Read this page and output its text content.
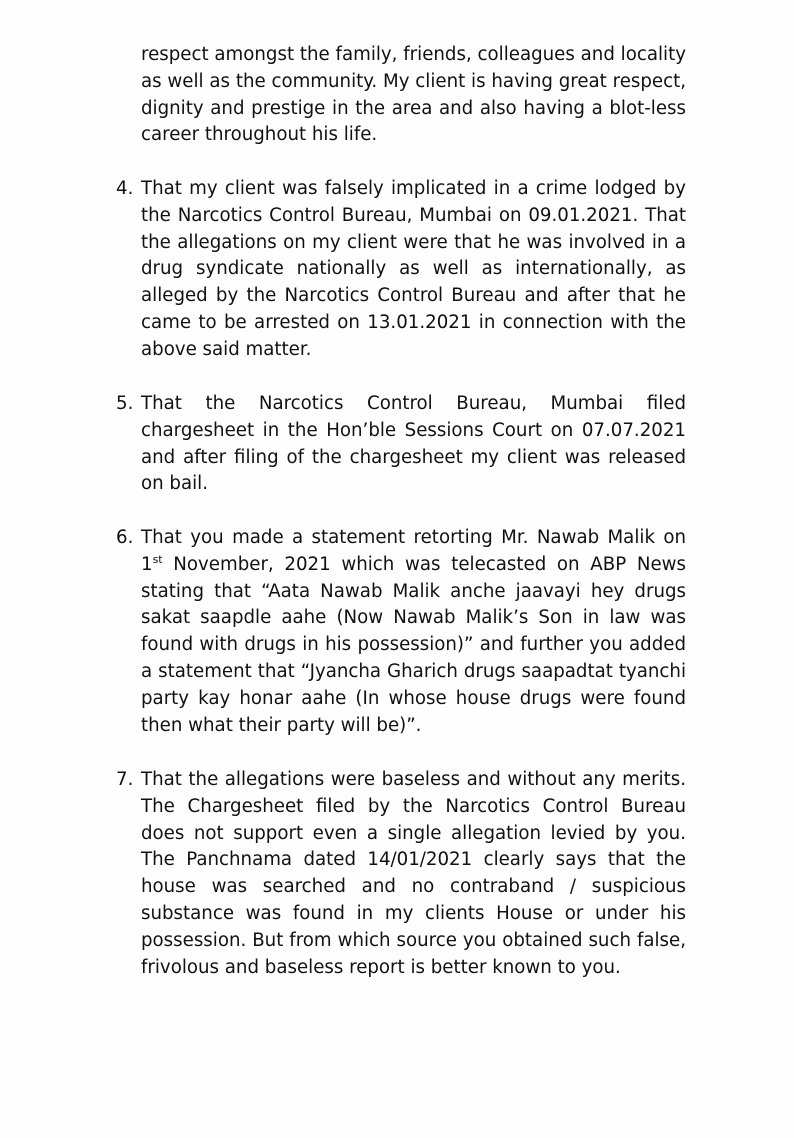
respect amongst the family, friends, colleagues and locality as well as the community. My client is having great respect, dignity and prestige in the area and also having a blot-less career throughout his life.
4. That my client was falsely implicated in a crime lodged by the Narcotics Control Bureau, Mumbai on 09.01.2021. That the allegations on my client were that he was involved in a drug syndicate nationally as well as internationally, as alleged by the Narcotics Control Bureau and after that he came to be arrested on 13.01.2021 in connection with the above said matter.
5. That the Narcotics Control Bureau, Mumbai filed chargesheet in the Hon’ble Sessions Court on 07.07.2021 and after filing of the chargesheet my client was released on bail.
6. That you made a statement retorting Mr. Nawab Malik on 1st November, 2021 which was telecasted on ABP News stating that “Aata Nawab Malik anche jaavayi hey drugs sakat saapdle aahe (Now Nawab Malik’s Son in law was found with drugs in his possession)” and further you added a statement that “Jyancha Gharich drugs saapadtat tyanchi party kay honar aahe (In whose house drugs were found then what their party will be)”.
7. That the allegations were baseless and without any merits. The Chargesheet filed by the Narcotics Control Bureau does not support even a single allegation levied by you. The Panchnama dated 14/01/2021 clearly says that the house was searched and no contraband / suspicious substance was found in my clients House or under his possession. But from which source you obtained such false, frivolous and baseless report is better known to you.
